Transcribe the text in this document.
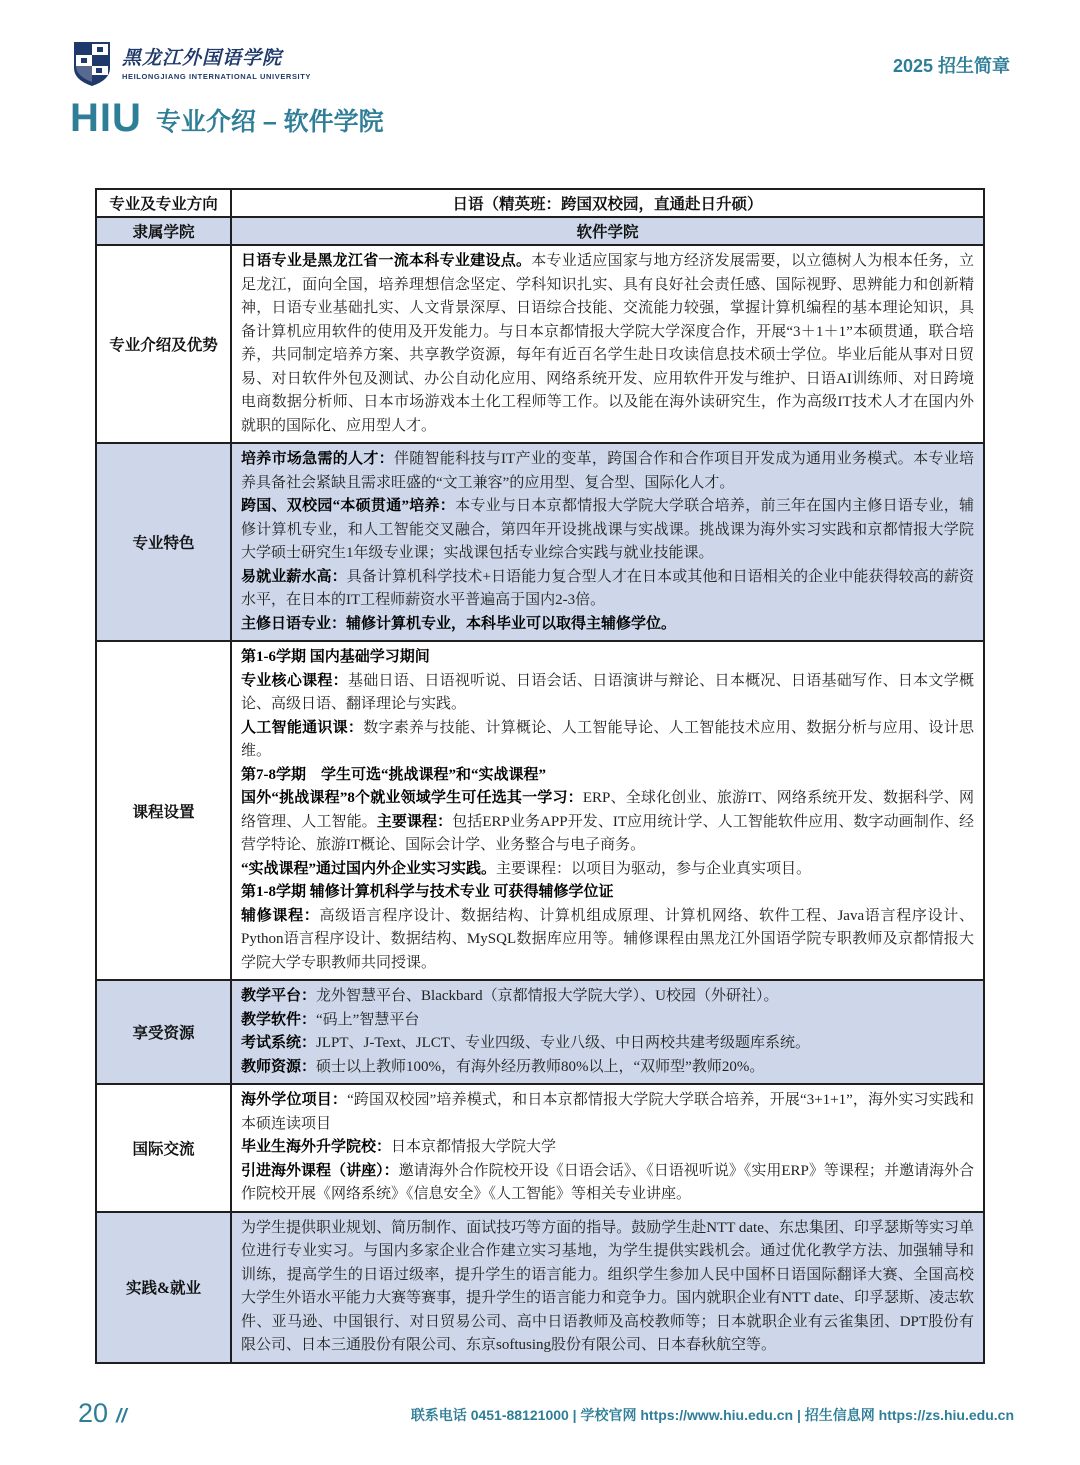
黑龙江外国语学院
HEILONGJIANG INTERNATIONAL UNIVERSITY	2025 招生简章
HIU 专业介绍 – 软件学院
专业及专业方向	日语（精英班：跨国双校园，直通赴日升硕）
隶属学院	软件学院
专业介绍及优势	日语专业是黑龙江省一流本科专业建设点。本专业适应国家与地方经济发展需要，以立德树人为根本任务，立足龙江，面向全国，培养理想信念坚定、学科知识扎实、具有良好社会责任感、国际视野、思辨能力和创新精神，日语专业基础扎实、人文背景深厚、日语综合技能、交流能力较强，掌握计算机编程的基本理论知识，具备计算机应用软件的使用及开发能力。与日本京都情报大学院大学深度合作，开展“3＋1＋1”本硕贯通，联合培养，共同制定培养方案、共享教学资源，每年有近百名学生赴日攻读信息技术硕士学位。毕业后能从事对日贸易、对日软件外包及测试、办公自动化应用、网络系统开发、应用软件开发与维护、日语AI训练师、对日跨境电商数据分析师、日本市场游戏本土化工程师等工作。以及能在海外读研究生，作为高级IT技术人才在国内外就职的国际化、应用型人才。

专业特色	培养市场急需的人才：伴随智能科技与IT产业的变革，跨国合作和合作项目开发成为通用业务模式。本专业培养具备社会紧缺且需求旺盛的“文工兼容”的应用型、复合型、国际化人才。
跨国、双校园“本硕贯通”培养：本专业与日本京都情报大学院大学联合培养，前三年在国内主修日语专业，辅修计算机专业，和人工智能交叉融合，第四年开设挑战课与实战课。挑战课为海外实习实践和京都情报大学院大学硕士研究生1年级专业课；实战课包括专业综合实践与就业技能课。
易就业薪水高：具备计算机科学技术+日语能力复合型人才在日本或其他和日语相关的企业中能获得较高的薪资水平，在日本的IT工程师薪资水平普遍高于国内2-3倍。
主修日语专业：辅修计算机专业，本科毕业可以取得主辅修学位。

课程设置	
第1-6学期 国内基础学习期间
专业核心课程：基础日语、日语视听说、日语会话、日语演讲与辩论、日本概况、日语基础写作、日本文学概论、高级日语、翻译理论与实践。
人工智能通识课：数字素养与技能、计算概论、人工智能导论、人工智能技术应用、数据分析与应用、设计思维。
第7-8学期　学生可选“挑战课程”和“实战课程”
国外“挑战课程”8个就业领域学生可任选其一学习：ERP、全球化创业、旅游IT、网络系统开发、数据科学、网络管理、人工智能。主要课程：包括ERP业务APP开发、IT应用统计学、人工智能软件应用、数字动画制作、经营学特论、旅游IT概论、国际会计学、业务整合与电子商务。
“实战课程”通过国内外企业实习实践。主要课程：以项目为驱动，参与企业真实项目。
第1-8学期 辅修计算机科学与技术专业 可获得辅修学位证
辅修课程：高级语言程序设计、数据结构、计算机组成原理、计算机网络、软件工程、Java语言程序设计、Python语言程序设计、数据结构、MySQL数据库应用等。辅修课程由黑龙江外国语学院专职教师及京都情报大学院大学专职教师共同授课。

享受资源	教学平台：龙外智慧平台、Blackbard（京都情报大学院大学）、U校园（外研社）。
教学软件：“码上”智慧平台
考试系统：JLPT、J-Text、JLCT、专业四级、专业八级、中日两校共建考级题库系统。
教师资源：硕士以上教师100%，有海外经历教师80%以上，“双师型”教师20%。

国际交流	海外学位项目：“跨国双校园”培养模式，和日本京都情报大学院大学联合培养，开展“3+1+1”，海外实习实践和本硕连读项目
毕业生海外升学院校：日本京都情报大学院大学
引进海外课程（讲座）：邀请海外合作院校开设《日语会话》、《日语视听说》《实用ERP》等课程；并邀请海外合作院校开展《网络系统》《信息安全》《人工智能》等相关专业讲座。

实践&就业	为学生提供职业规划、简历制作、面试技巧等方面的指导。鼓励学生赴NTT date、东忠集团、印孚瑟斯等实习单位进行专业实习。与国内多家企业合作建立实习基地，为学生提供实践机会。通过优化教学方法、加强辅导和训练，提高学生的日语过级率，提升学生的语言能力。组织学生参加人民中国杯日语国际翻译大赛、全国高校大学生外语水平能力大赛等赛事，提升学生的语言能力和竞争力。国内就职企业有NTT date、印孚瑟斯、凌志软件、亚马逊、中国银行、对日贸易公司、高中日语教师及高校教师等；日本就职企业有云雀集团、DPT股份有限公司、日本三通股份有限公司、东京softusing股份有限公司、日本春秋航空等。
20 //	联系电话 0451-88121000 | 学校官网 https://www.hiu.edu.cn | 招生信息网 https://zs.hiu.edu.cn
